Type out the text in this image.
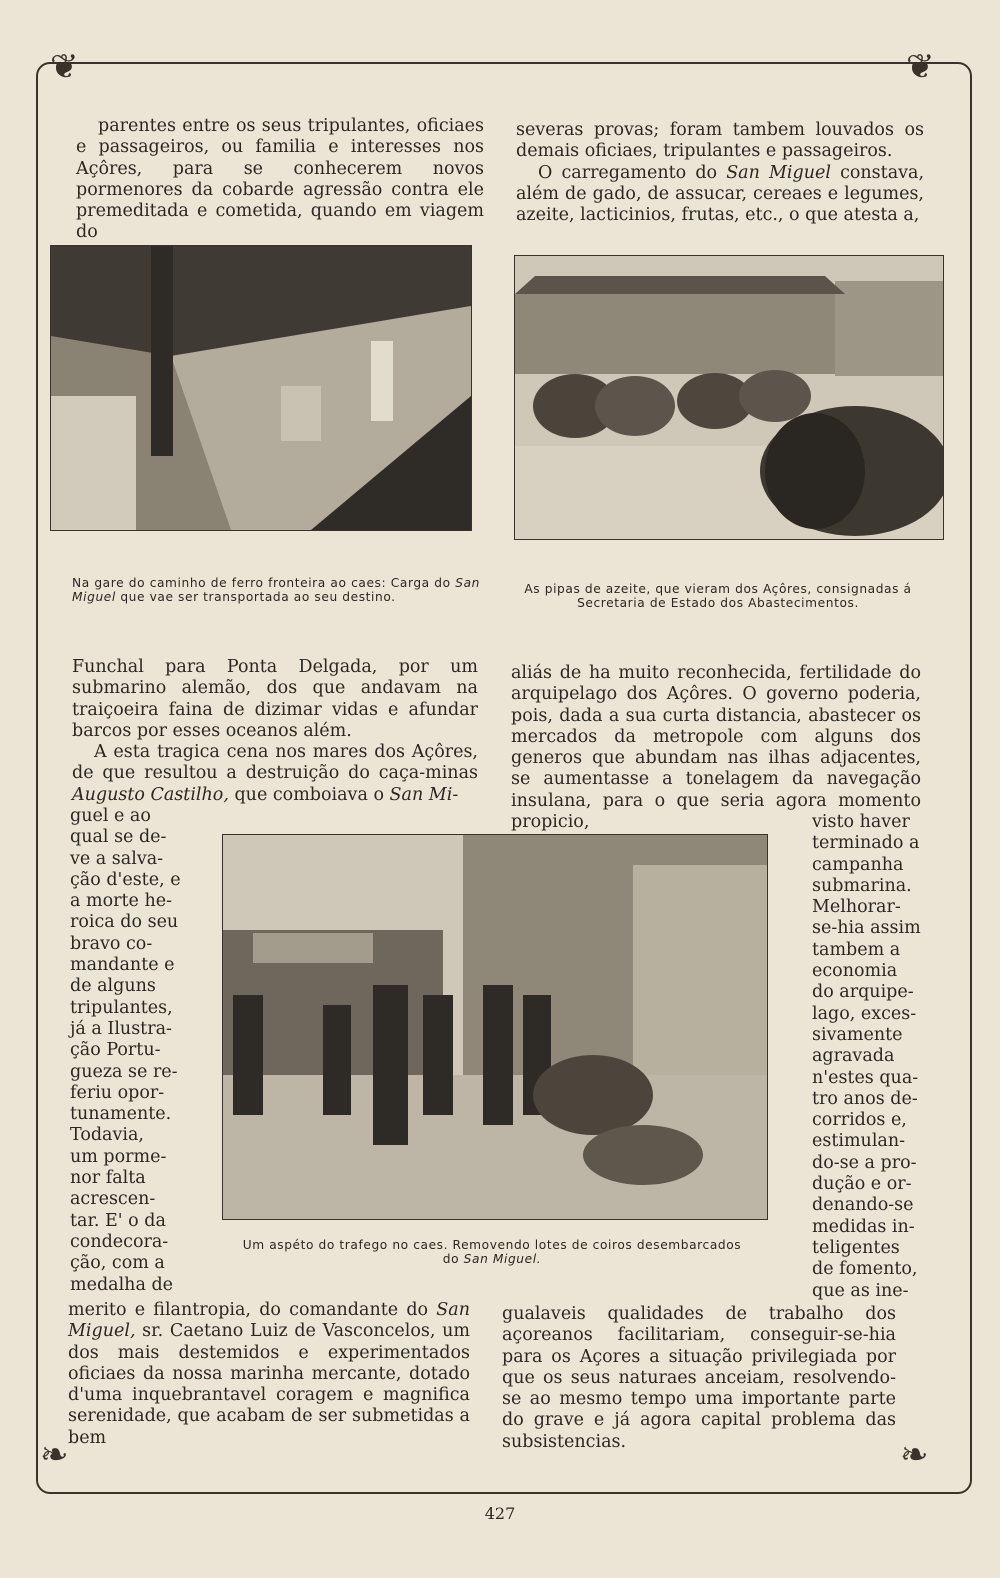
❦	❦
❧	❧

parentes entre os seus tripulantes, oficiaes e passageiros, ou familia e interesses nos Açôres, para se conhecerem novos pormenores da cobarde agressão contra ele premeditada e cometida, quando em viagem do

severas provas; foram tambem louvados os demais oficiaes, tripulantes e passageiros.

O carregamento do San Miguel constava, além de gado, de assucar, cereaes e legumes, azeite, lacticinios, frutas, etc., o que atesta a,

Na gare do caminho de ferro fronteira ao caes: Carga do San Miguel que vae ser transportada ao seu destino.
As pipas de azeite, que vieram dos Açôres, consignadas á Secretaria de Estado dos Abastecimentos.

Funchal para Ponta Delgada, por um submarino alemão, dos que andavam na traiçoeira faina de dizimar vidas e afundar barcos por esses oceanos além.

A esta tragica cena nos mares dos Açôres, de que resultou a destruição do caça-minas Augusto Castilho, que comboiava o San Mi-

aliás de ha muito reconhecida, fertilidade do arquipelago dos Açôres. O governo poderia, pois, dada a sua curta distancia, abastecer os mercados da metropole com alguns dos generos que abundam nas ilhas adjacentes, se aumentasse a tonelagem da navegação insulana, para o que seria agora momento propicio,

guel e ao
qual se de-
ve a salva-
ção d'este, e
a morte he-
roica do seu
bravo co-
mandante e
de alguns
tripulantes,
já a Ilustra-
ção Portu-
gueza se re-
feriu opor-
tunamente.
Todavia,
um porme-
nor falta
acrescen-
tar. E' o da
condecora-
ção, com a
medalha de
visto haver
terminado a
campanha
submarina.
Melhorar-
se-hia assim
tambem a
economia
do arquipe-
lago, exces-
sivamente
agravada
n'estes qua-
tro anos de-
corridos e,
estimulan-
do-se a pro-
dução e or-
denando-se
medidas in-
teligentes
de fomento,
que as ine-
Um aspéto do trafego no caes. Removendo lotes de coiros desembarcados
do San Miguel.

merito e filantropia, do comandante do San Miguel, sr. Caetano Luiz de Vasconcelos, um dos mais destemidos e experimentados oficiaes da nossa marinha mercante, dotado d'uma inquebrantavel coragem e magnifica serenidade, que acabam de ser submetidas a bem

gualaveis qualidades de trabalho dos açoreanos facilitariam, conseguir-se-hia para os Açores a situação privilegiada por que os seus naturaes anceiam, resolvendo-se ao mesmo tempo uma importante parte do grave e já agora capital problema das subsistencias.

427
